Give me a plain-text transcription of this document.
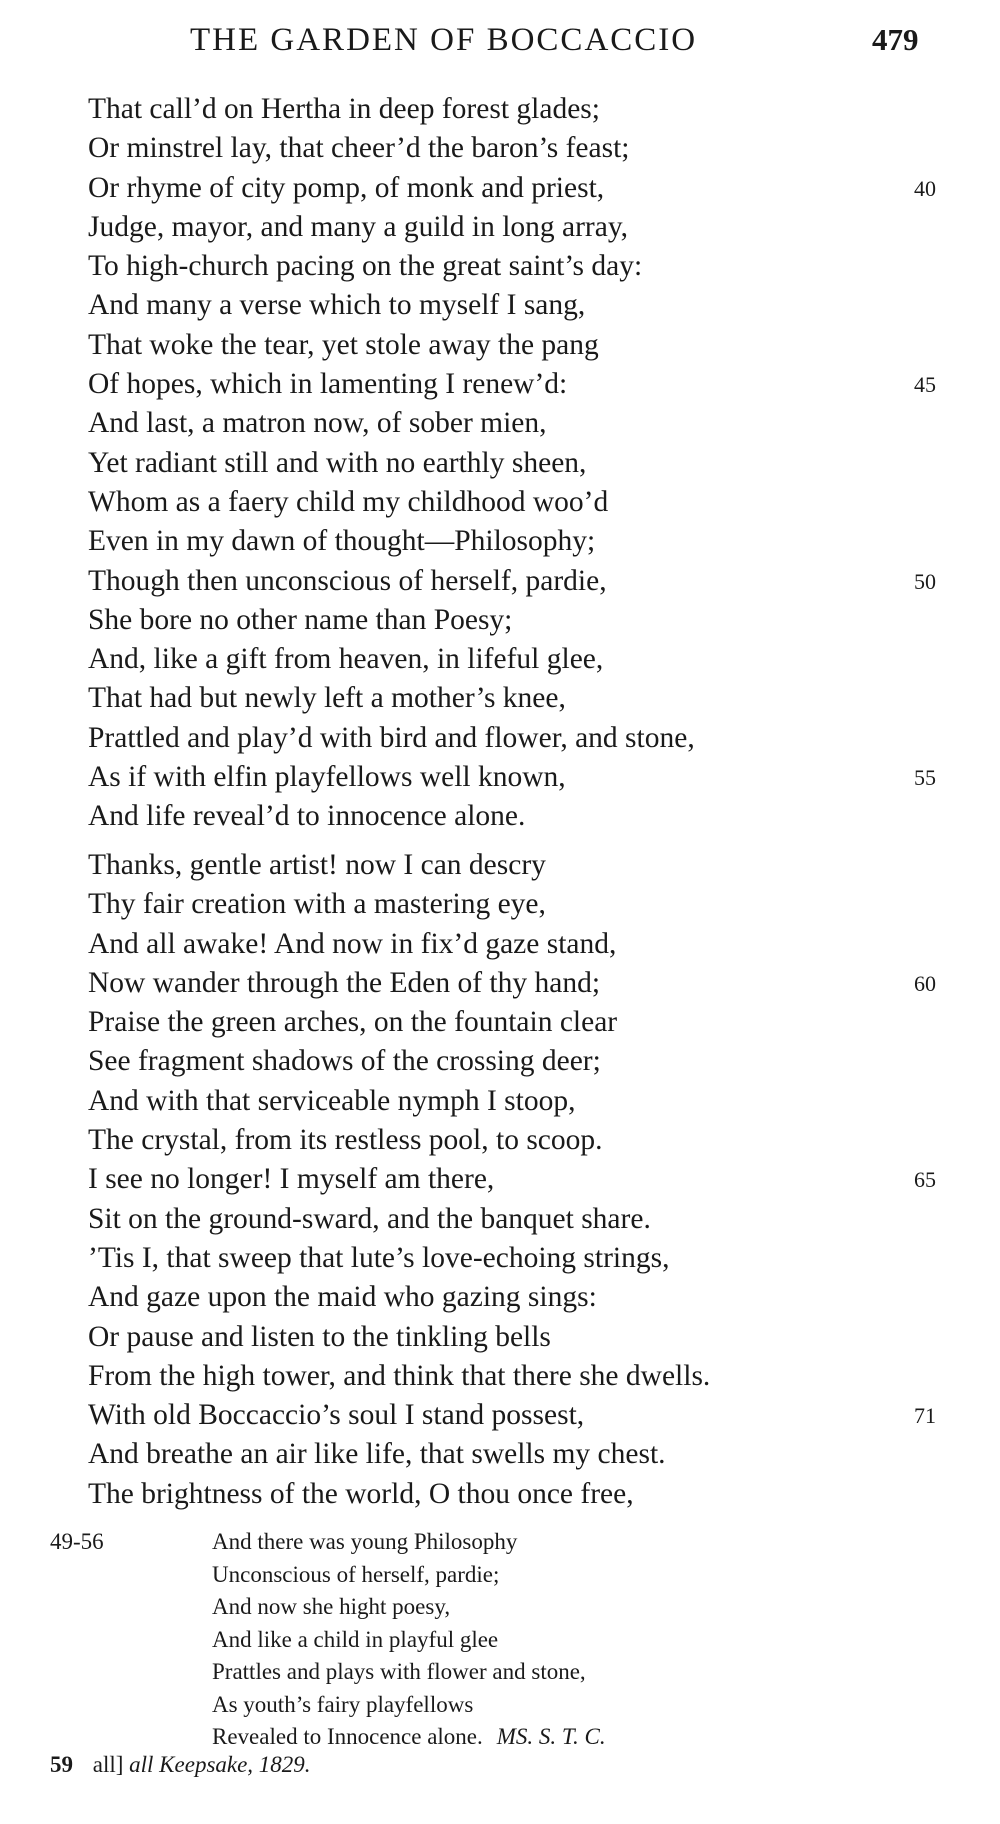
THE GARDEN OF BOCCACCIO	479
That call’d on Hertha in deep forest glades;
Or minstrel lay, that cheer’d the baron’s feast;
Or rhyme of city pomp, of monk and priest,	40
Judge, mayor, and many a guild in long array,
To high-church pacing on the great saint’s day:
And many a verse which to myself I sang,
That woke the tear, yet stole away the pang
Of hopes, which in lamenting I renew’d:	45
And last, a matron now, of sober mien,
Yet radiant still and with no earthly sheen,
Whom as a faery child my childhood woo’d
Even in my dawn of thought—Philosophy;
Though then unconscious of herself, pardie,	50
She bore no other name than Poesy;
And, like a gift from heaven, in lifeful glee,
That had but newly left a mother’s knee,
Prattled and play’d with bird and flower, and stone,
As if with elfin playfellows well known,	55
And life reveal’d to innocence alone.
Thanks, gentle artist! now I can descry
Thy fair creation with a mastering eye,
And all awake! And now in fix’d gaze stand,
Now wander through the Eden of thy hand;	60
Praise the green arches, on the fountain clear
See fragment shadows of the crossing deer;
And with that serviceable nymph I stoop,
The crystal, from its restless pool, to scoop.
I see no longer! I myself am there,	65
Sit on the ground-sward, and the banquet share.
’Tis I, that sweep that lute’s love-echoing strings,
And gaze upon the maid who gazing sings:
Or pause and listen to the tinkling bells
From the high tower, and think that there she dwells.
With old Boccaccio’s soul I stand possest,	71
And breathe an air like life, that swells my chest.
The brightness of the world, O thou once free,
49-56	And there was young Philosophy
Unconscious of herself, pardie;
And now she hight poesy,
And like a child in playful glee
Prattles and plays with flower and stone,
As youth’s fairy playfellows
Revealed to Innocence alone. MS. S. T. C.
59 all] all Keepsake, 1829.
